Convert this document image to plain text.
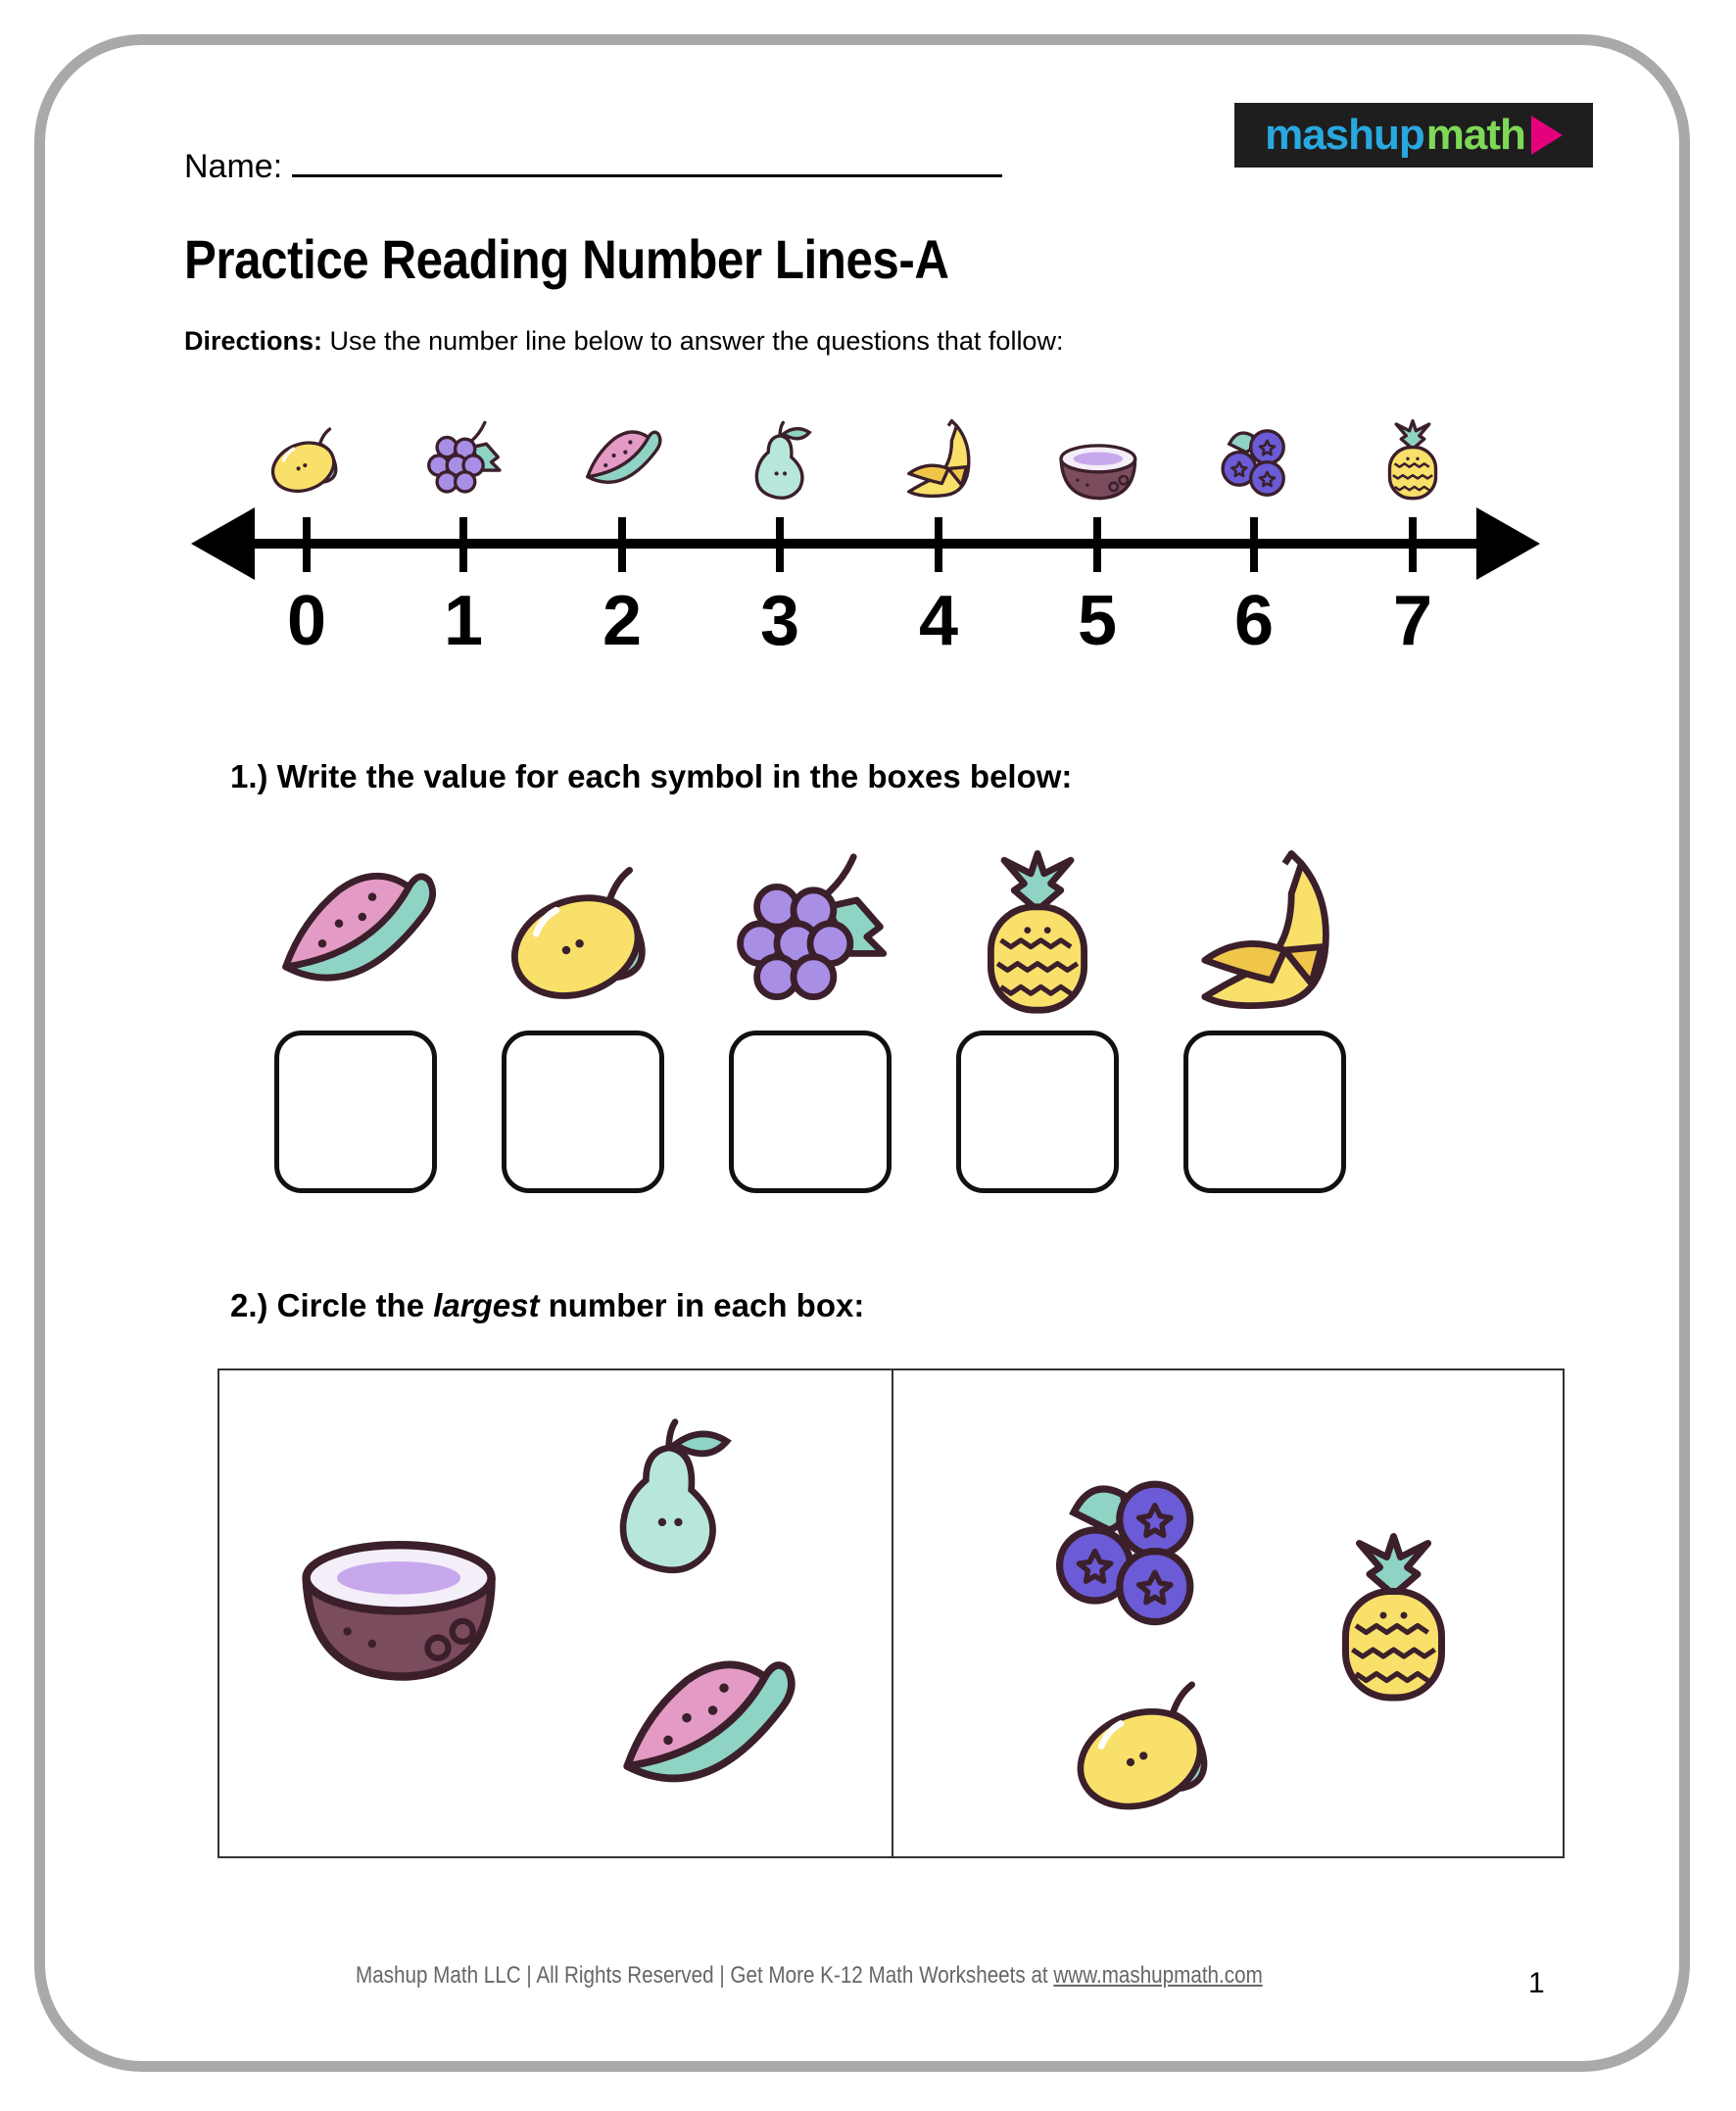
Name:
mashup math
Practice Reading Number Lines-A
Directions: Use the number line below to answer the questions that follow:
0 1 2 3 4 5 6 7
1.) Write the value for each symbol in the boxes below:
2.) Circle the largest number in each box:
Mashup Math LLC | All Rights Reserved | Get More K-12 Math Worksheets at www.mashupmath.com	1
